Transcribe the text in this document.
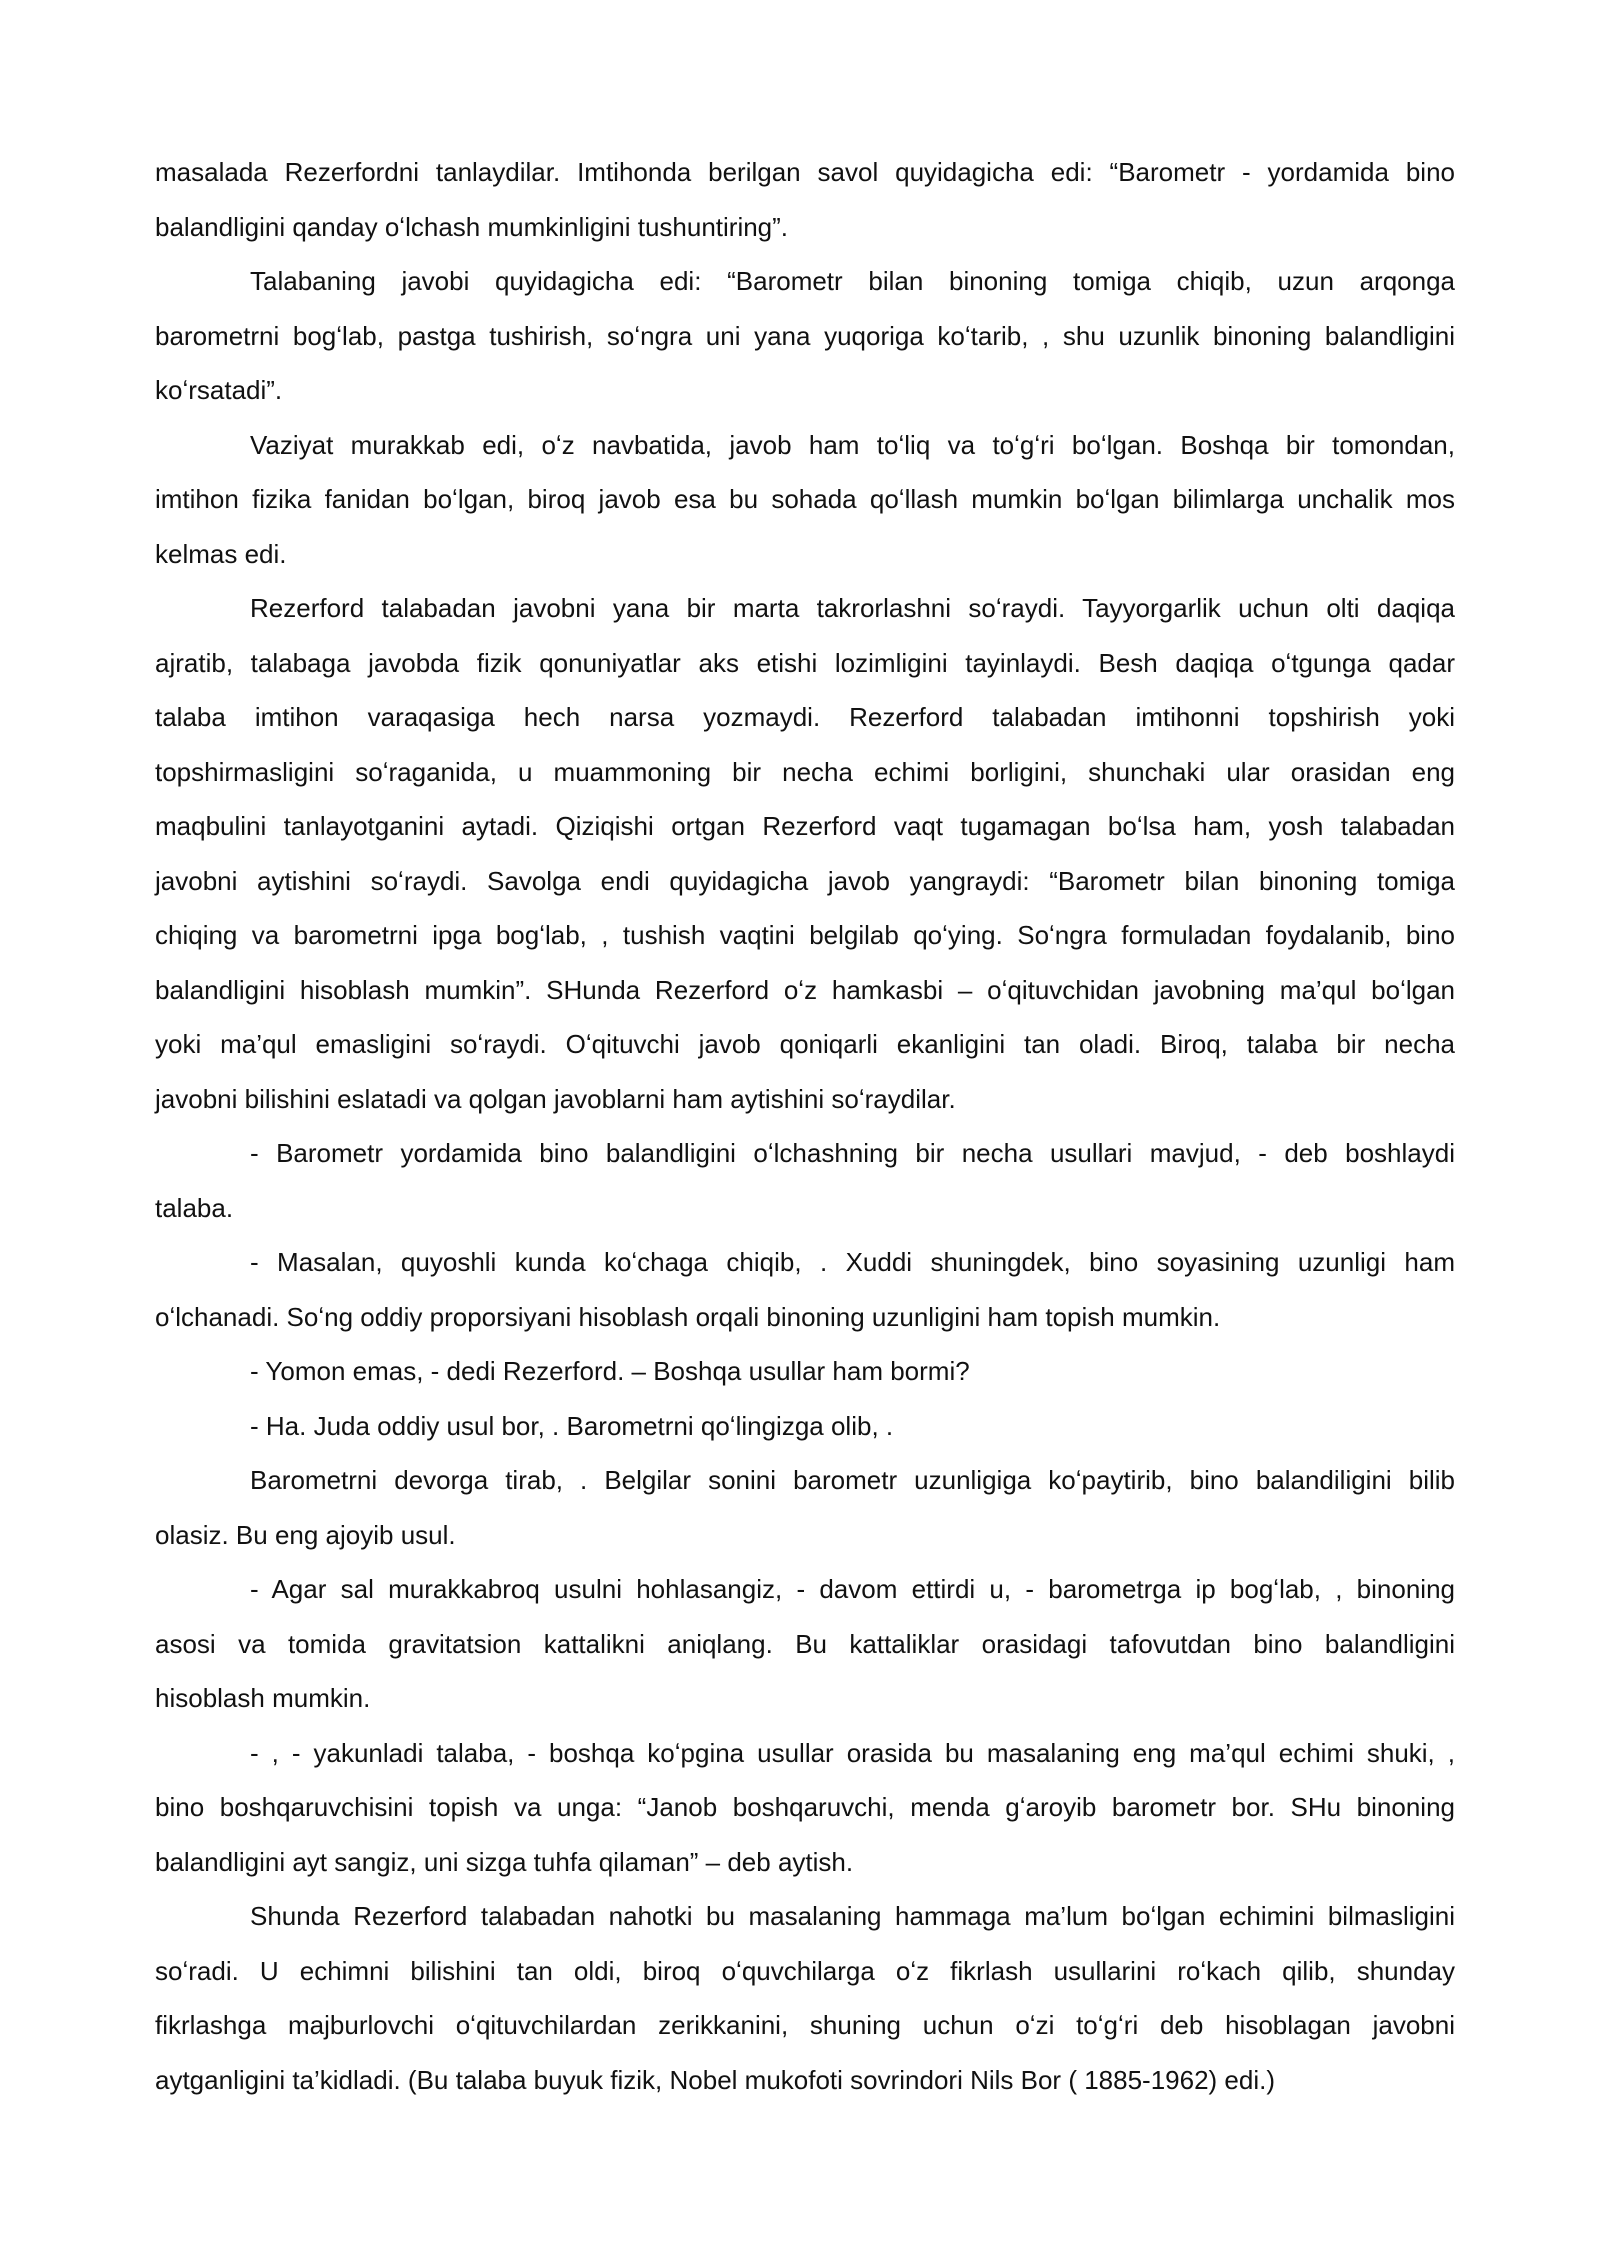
masalada Rezerfordni tanlaydilar. Imtihonda berilgan savol quyidagicha edi: “Barometr - yordamida bino
balandligini qanday oʻlchash mumkinligini tushuntiring”.
Talabaning javobi quyidagicha edi: “Barometr bilan binoning tomiga chiqib, uzun arqonga
barometrni bogʻlab, pastga tushirish, soʻngra uni yana yuqoriga koʻtarib, , shu uzunlik binoning balandligini
koʻrsatadi”.
Vaziyat murakkab edi, oʻz navbatida, javob ham toʻliq va toʻgʻri boʻlgan. Boshqa bir tomondan,
imtihon fizika fanidan boʻlgan, biroq javob esa bu sohada qoʻllash mumkin boʻlgan bilimlarga unchalik mos
kelmas edi.
Rezerford talabadan javobni yana bir marta takrorlashni soʻraydi. Tayyorgarlik uchun olti daqiqa
ajratib, talabaga javobda fizik qonuniyatlar aks etishi lozimligini tayinlaydi. Besh daqiqa oʻtgunga qadar
talaba imtihon varaqasiga hech narsa yozmaydi. Rezerford talabadan imtihonni topshirish yoki
topshirmasligini soʻraganida, u muammoning bir necha echimi borligini, shunchaki ular orasidan eng
maqbulini tanlayotganini aytadi. Qiziqishi ortgan Rezerford vaqt tugamagan boʻlsa ham, yosh talabadan
javobni aytishini soʻraydi. Savolga endi quyidagicha javob yangraydi: “Barometr bilan binoning tomiga
chiqing va barometrni ipga bogʻlab, , tushish vaqtini belgilab qoʻying. Soʻngra formuladan foydalanib, bino
balandligini hisoblash mumkin”. SHunda Rezerford oʻz hamkasbi – oʻqituvchidan javobning ma’qul boʻlgan
yoki ma’qul emasligini soʻraydi. Oʻqituvchi javob qoniqarli ekanligini tan oladi. Biroq, talaba bir necha
javobni bilishini eslatadi va qolgan javoblarni ham aytishini soʻraydilar.
- Barometr yordamida bino balandligini oʻlchashning bir necha usullari mavjud, - deb boshlaydi
talaba.
- Masalan, quyoshli kunda koʻchaga chiqib, . Xuddi shuningdek, bino soyasining uzunligi ham
oʻlchanadi. Soʻng oddiy proporsiyani hisoblash orqali binoning uzunligini ham topish mumkin.
- Yomon emas, - dedi Rezerford. – Boshqa usullar ham bormi?
- Ha. Juda oddiy usul bor, . Barometrni qoʻlingizga olib, .
Barometrni devorga tirab, . Belgilar sonini barometr uzunligiga koʻpaytirib, bino balandiligini bilib
olasiz. Bu eng ajoyib usul.
- Agar sal murakkabroq usulni hohlasangiz, - davom ettirdi u, - barometrga ip bogʻlab, , binoning
asosi va tomida gravitatsion kattalikni aniqlang. Bu kattaliklar orasidagi tafovutdan bino balandligini
hisoblash mumkin.
- , - yakunladi talaba, - boshqa koʻpgina usullar orasida bu masalaning eng ma’qul echimi shuki, ,
bino boshqaruvchisini topish va unga: “Janob boshqaruvchi, menda gʻaroyib barometr bor. SHu binoning
balandligini ayt sangiz, uni sizga tuhfa qilaman” – deb aytish.
Shunda Rezerford talabadan nahotki bu masalaning hammaga ma’lum boʻlgan echimini bilmasligini
soʻradi. U echimni bilishini tan oldi, biroq oʻquvchilarga oʻz fikrlash usullarini roʻkach qilib, shunday
fikrlashga majburlovchi oʻqituvchilardan zerikkanini, shuning uchun oʻzi toʻgʻri deb hisoblagan javobni
aytganligini ta’kidladi. (Bu talaba buyuk fizik, Nobel mukofoti sovrindori Nils Bor ( 1885-1962) edi.)
